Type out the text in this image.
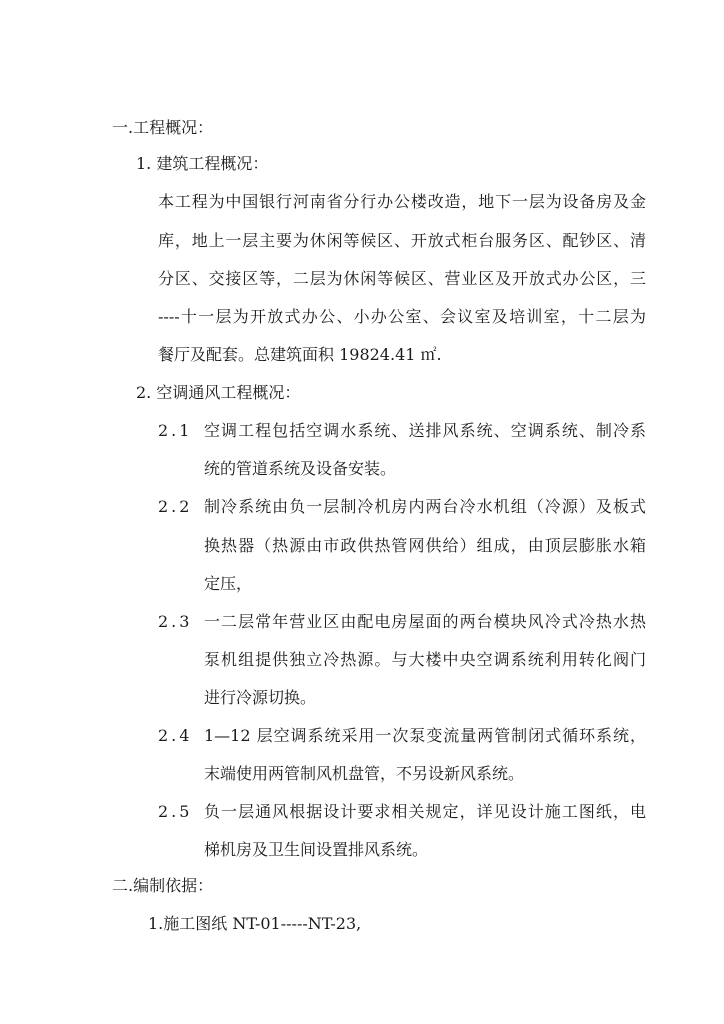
一.工程概况：
1. 建筑工程概况：
本工程为中国银行河南省分行办公楼改造，地下一层为设备房及金
库，地上一层主要为休闲等候区、开放式柜台服务区、配钞区、清
分区、交接区等，二层为休闲等候区、营业区及开放式办公区，三
----十一层为开放式办公、小办公室、会议室及培训室，十二层为
餐厅及配套。总建筑面积 19824.41 ㎡.
2. 空调通风工程概况：
2.1 空调工程包括空调水系统、送排风系统、空调系统、制冷系
统的管道系统及设备安装。
2.2 制冷系统由负一层制冷机房内两台冷水机组（冷源）及板式
换热器（热源由市政供热管网供给）组成，由顶层膨胀水箱
定压，
2.3 一二层常年营业区由配电房屋面的两台模块风冷式冷热水热
泵机组提供独立冷热源。与大楼中央空调系统利用转化阀门
进行冷源切换。
2.4 1—12 层空调系统采用一次泵变流量两管制闭式循环系统，
末端使用两管制风机盘管，不另设新风系统。
2.5 负一层通风根据设计要求相关规定，详见设计施工图纸，电
梯机房及卫生间设置排风系统。
二.编制依据：
1.施工图纸 NT-01-----NT-23,
